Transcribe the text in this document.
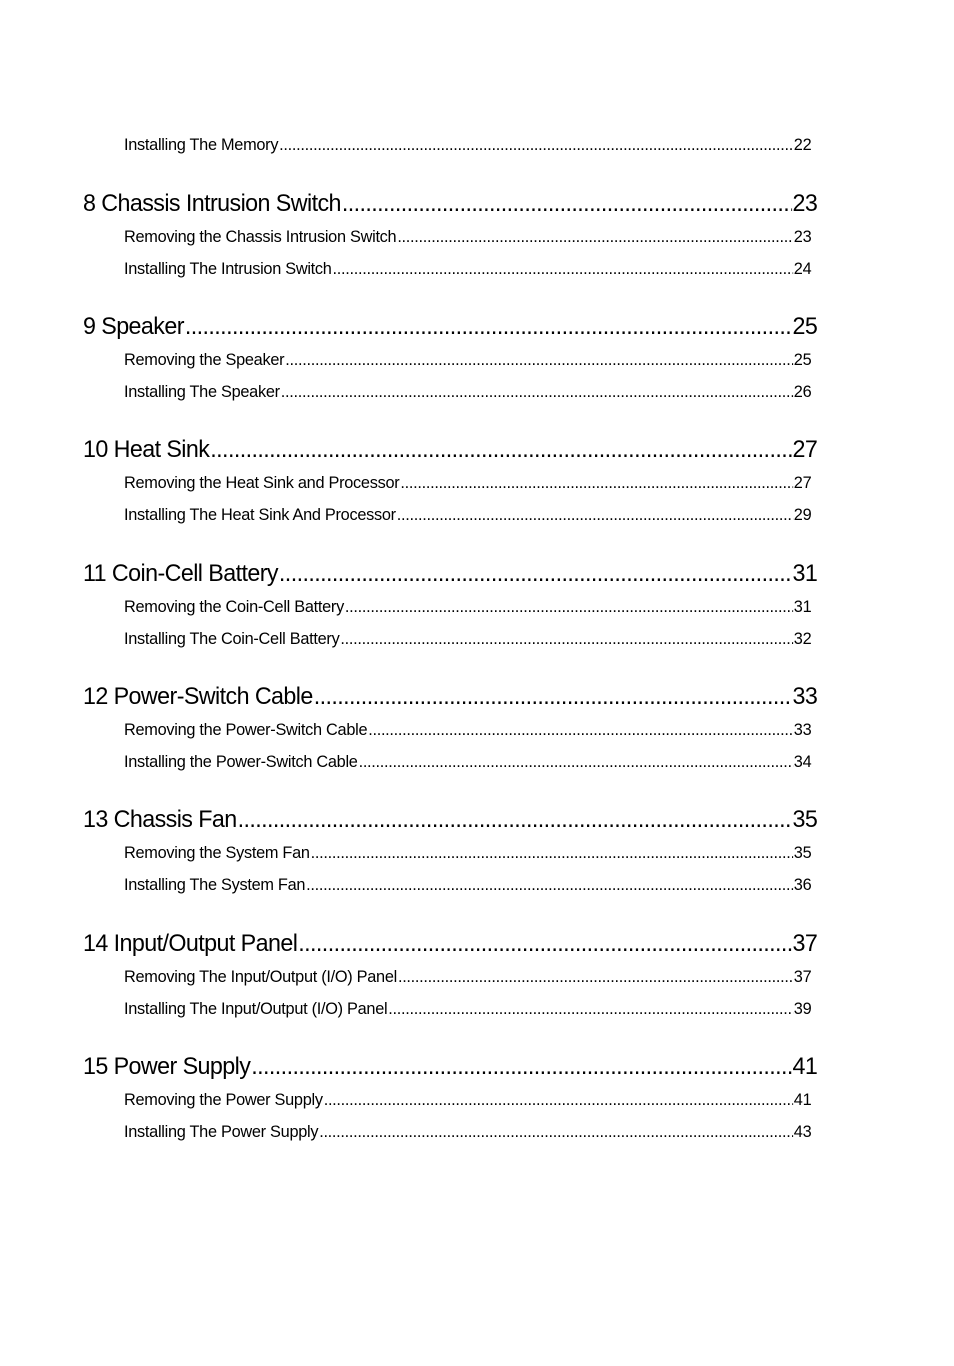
Installing The Memory .....	22
8 Chassis Intrusion Switch .....	23
Removing the Chassis Intrusion Switch .....	23
Installing The Intrusion Switch .....	24
9 Speaker .....	25
Removing the Speaker .....	25
Installing The Speaker .....	26
10 Heat Sink .....	27
Removing the Heat Sink and Processor .....	27
Installing The Heat Sink And Processor .....	29
11 Coin-Cell Battery .....	31
Removing the Coin-Cell Battery .....	31
Installing The Coin-Cell Battery .....	32
12 Power-Switch Cable .....	33
Removing the Power-Switch Cable .....	33
Installing the Power-Switch Cable .....	34
13 Chassis Fan .....	35
Removing the System Fan .....	35
Installing The System Fan .....	36
14 Input/Output Panel .....	37
Removing The Input/Output (I/O) Panel .....	37
Installing The Input/Output (I/O) Panel .....	39
15 Power Supply .....	41
Removing the Power Supply .....	41
Installing The Power Supply .....	43
